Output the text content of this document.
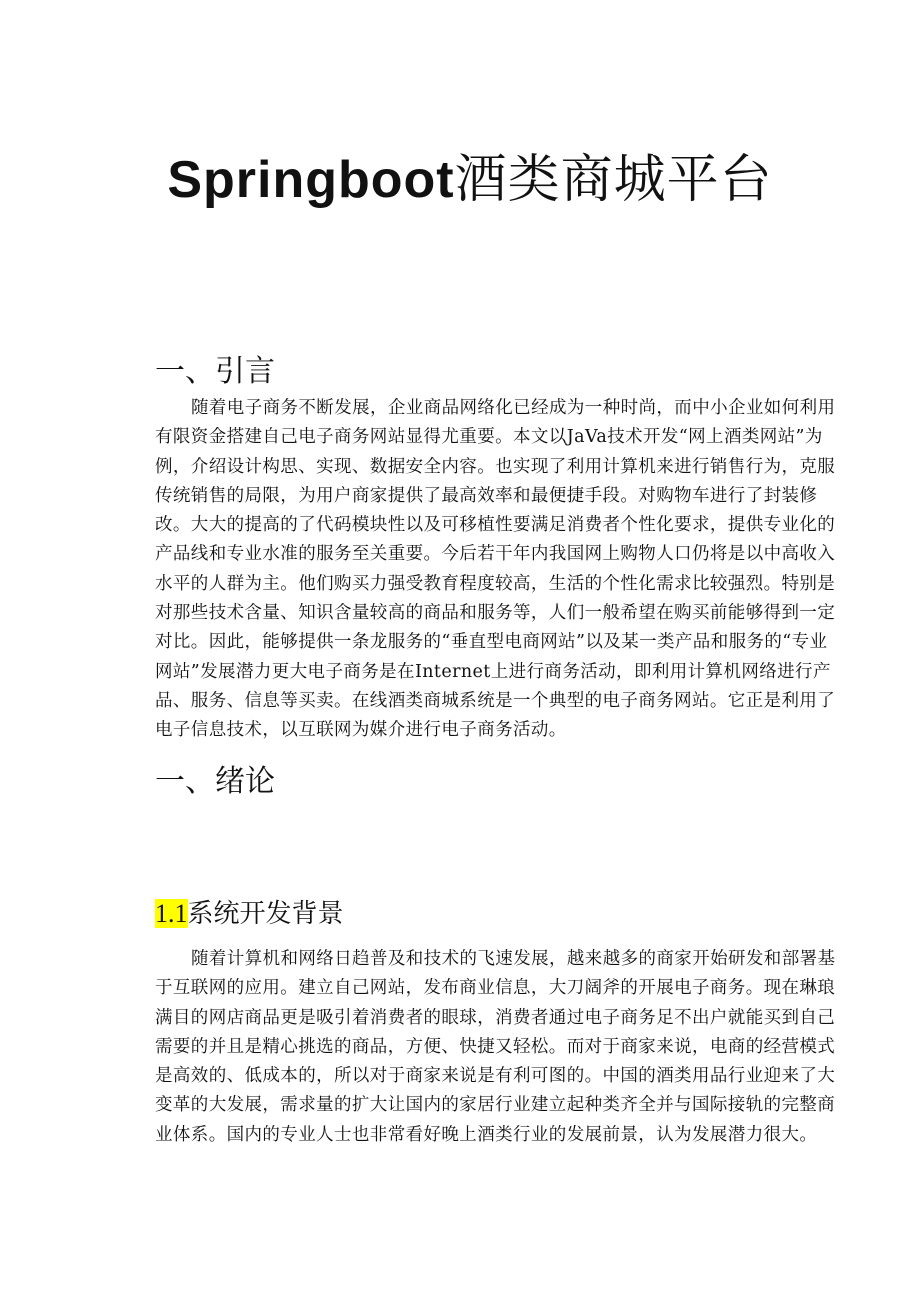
Springboot酒类商城平台
一、引言

随着电子商务不断发展，企业商品网络化已经成为一种时尚，而中小企业如何利用有限资金搭建自己电子商务网站显得尤重要。本文以JaVa技术开发“网上酒类网站”为例，介绍设计构思、实现、数据安全内容。也实现了利用计算机来进行销售行为，克服传统销售的局限，为用户商家提供了最高效率和最便捷手段。对购物车进行了封装修改。大大的提高的了代码模块性以及可移植性要满足消费者个性化要求，提供专业化的产品线和专业水准的服务至关重要。今后若干年内我国网上购物人口仍将是以中高收入水平的人群为主。他们购买力强受教育程度较高，生活的个性化需求比较强烈。特别是对那些技术含量、知识含量较高的商品和服务等，人们一般希望在购买前能够得到一定对比。因此，能够提供一条龙服务的“垂直型电商网站”以及某一类产品和服务的“专业网站”发展潜力更大电子商务是在Internet上进行商务活动，即利用计算机网络进行产品、服务、信息等买卖。在线酒类商城系统是一个典型的电子商务网站。它正是利用了电子信息技术，以互联网为媒介进行电子商务活动。

一、绪论
1.1系统开发背景

随着计算机和网络日趋普及和技术的飞速发展，越来越多的商家开始研发和部署基于互联网的应用。建立自己网站，发布商业信息，大刀阔斧的开展电子商务。现在琳琅满目的网店商品更是吸引着消费者的眼球，消费者通过电子商务足不出户就能买到自己需要的并且是精心挑选的商品，方便、快捷又轻松。而对于商家来说，电商的经营模式是高效的、低成本的，所以对于商家来说是有利可图的。中国的酒类用品行业迎来了大变革的大发展，需求量的扩大让国内的家居行业建立起种类齐全并与国际接轨的完整商业体系。国内的专业人士也非常看好晚上酒类行业的发展前景，认为发展潜力很大。
